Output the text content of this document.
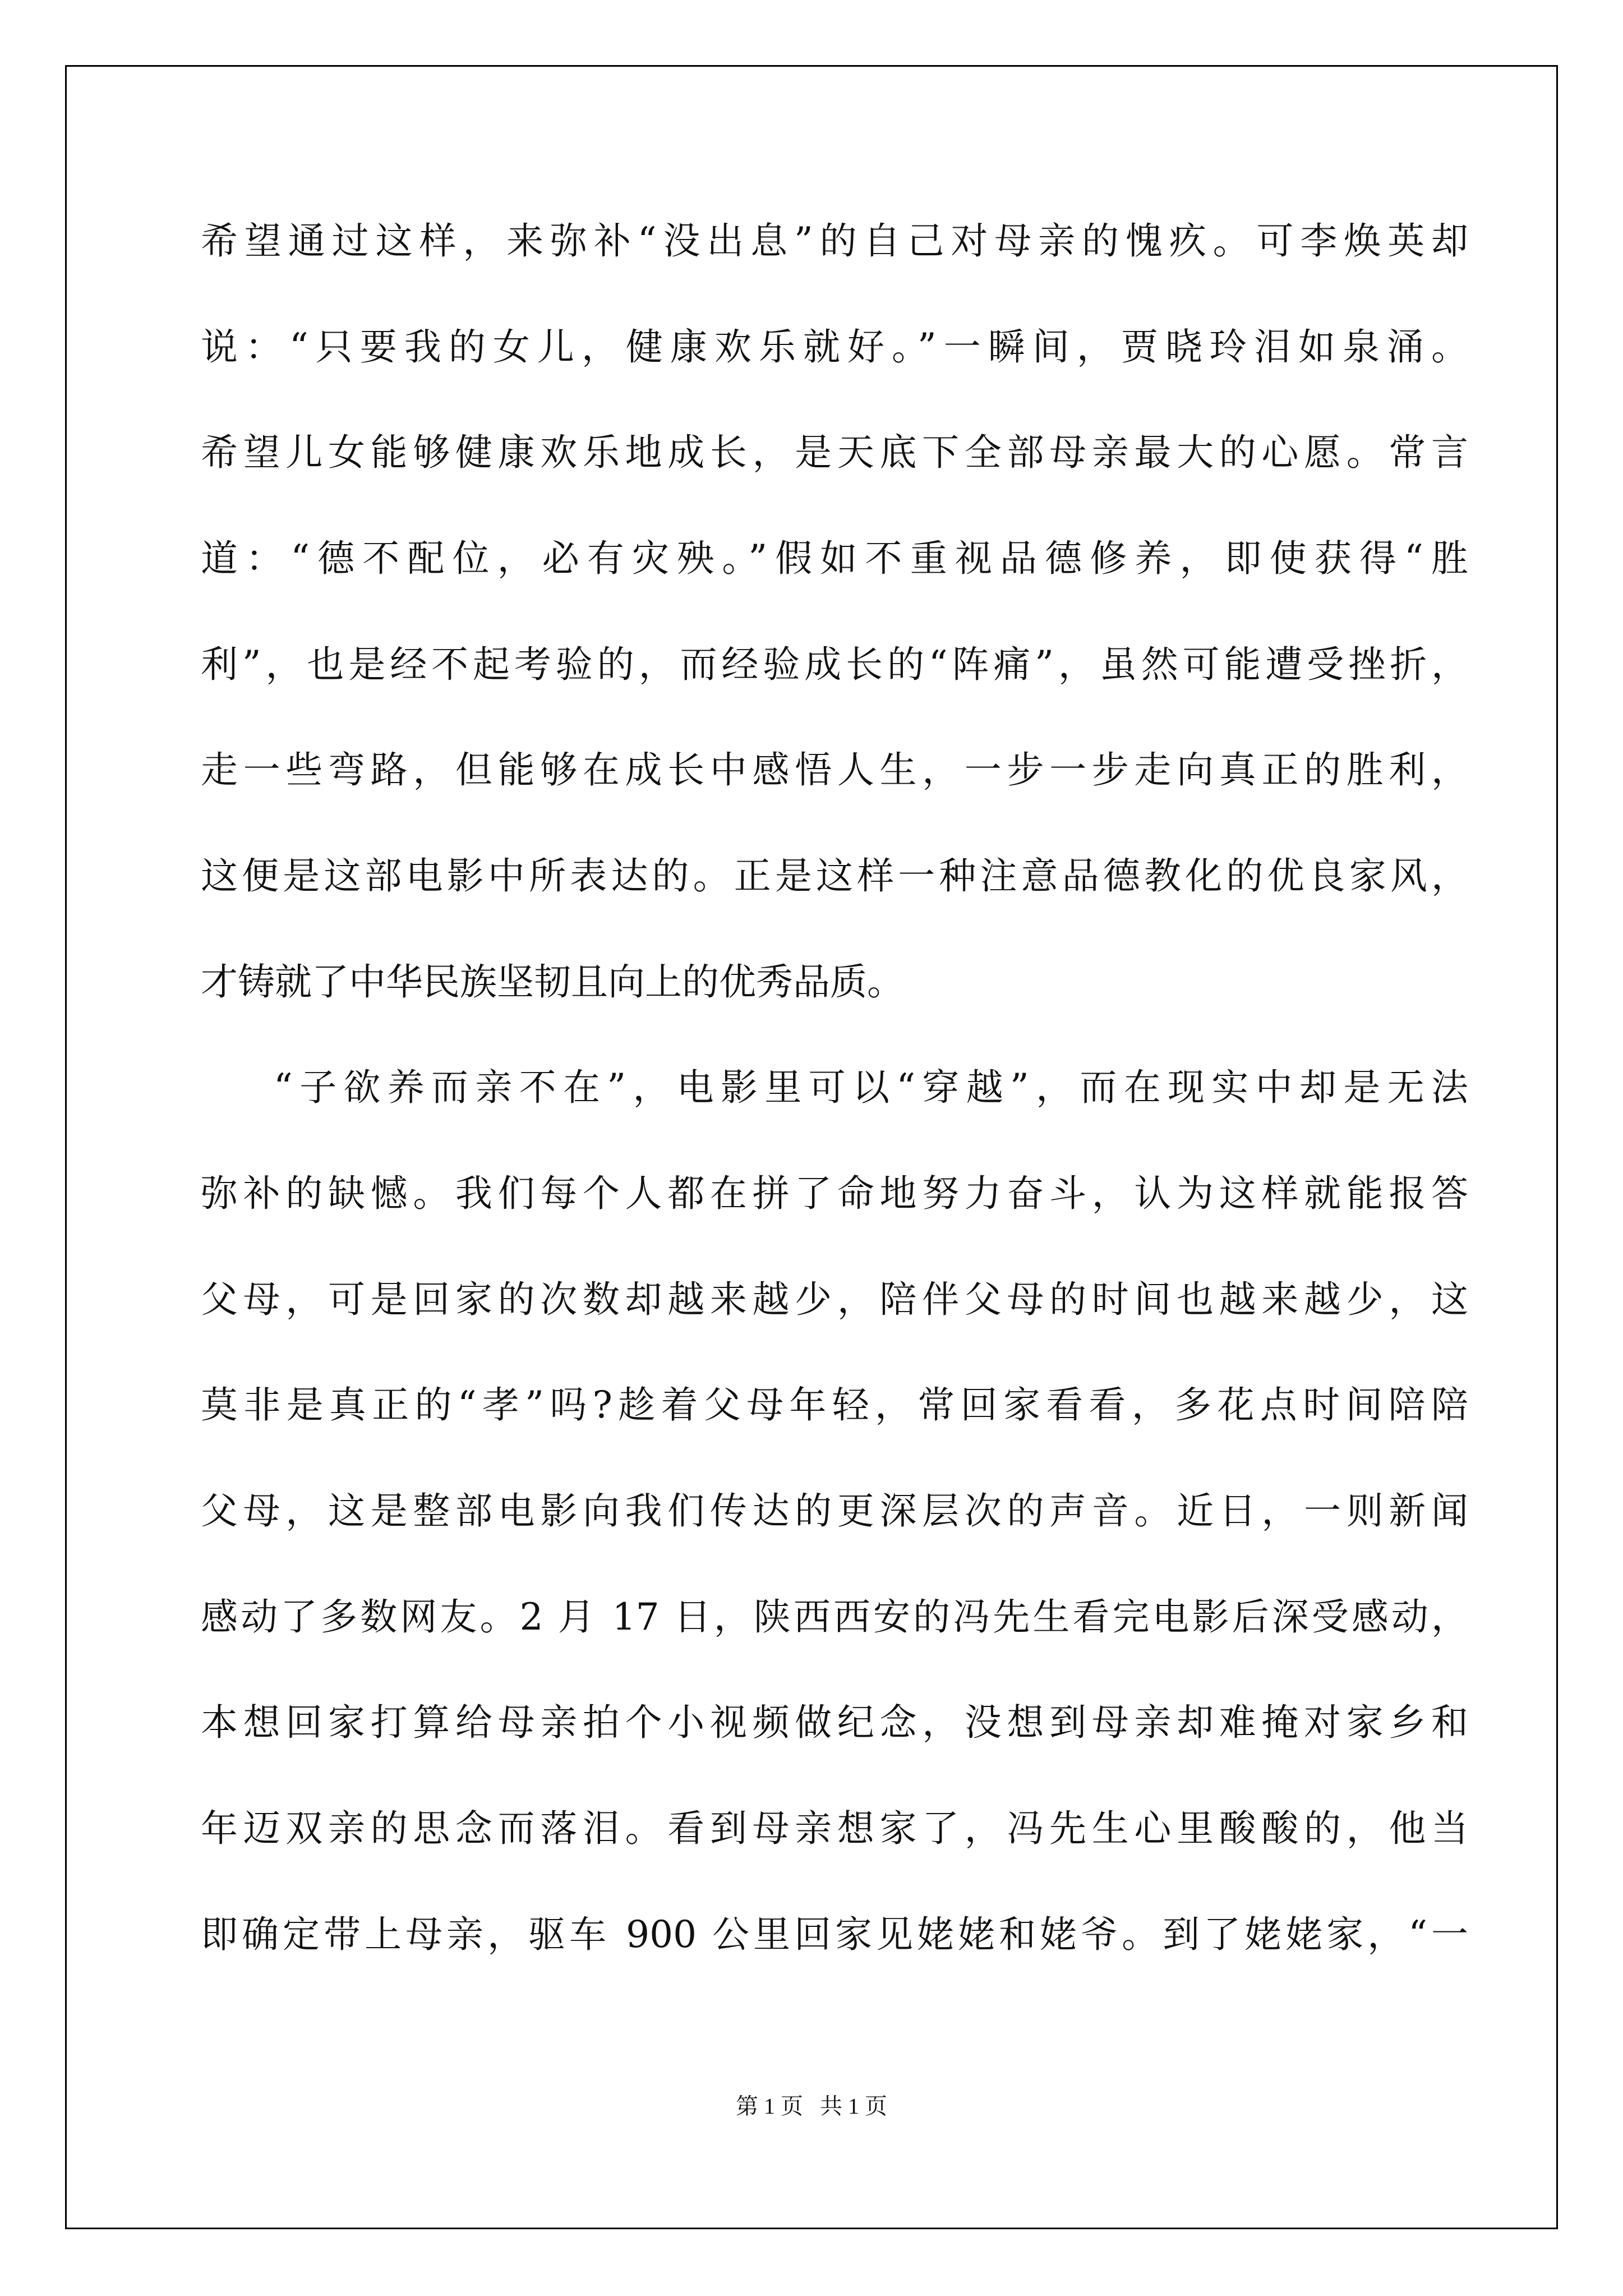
希望通过这样，来弥补“没出息”的自己对母亲的愧疚。可李焕英却
说：“只要我的女儿，健康欢乐就好。”一瞬间，贾晓玲泪如泉涌。
希望儿女能够健康欢乐地成长，是天底下全部母亲最大的心愿。常言
道：“德不配位，必有灾殃。”假如不重视品德修养，即使获得“胜
利”，也是经不起考验的，而经验成长的“阵痛”，虽然可能遭受挫折，
走一些弯路，但能够在成长中感悟人生，一步一步走向真正的胜利，
这便是这部电影中所表达的。正是这样一种注意品德教化的优良家风，
才铸就了中华民族坚韧且向上的优秀品质。
“子欲养而亲不在”，电影里可以“穿越”，而在现实中却是无法
弥补的缺憾。我们每个人都在拼了命地努力奋斗，认为这样就能报答
父母，可是回家的次数却越来越少，陪伴父母的时间也越来越少，这
莫非是真正的“孝”吗?趁着父母年轻，常回家看看，多花点时间陪陪
父母，这是整部电影向我们传达的更深层次的声音。近日，一则新闻
感动了多数网友。2 月 17 日，陕西西安的冯先生看完电影后深受感动，
本想回家打算给母亲拍个小视频做纪念，没想到母亲却难掩对家乡和
年迈双亲的思念而落泪。看到母亲想家了，冯先生心里酸酸的，他当
即确定带上母亲，驱车 900 公里回家见姥姥和姥爷。到了姥姥家，“一
第 1 页   共 1 页
